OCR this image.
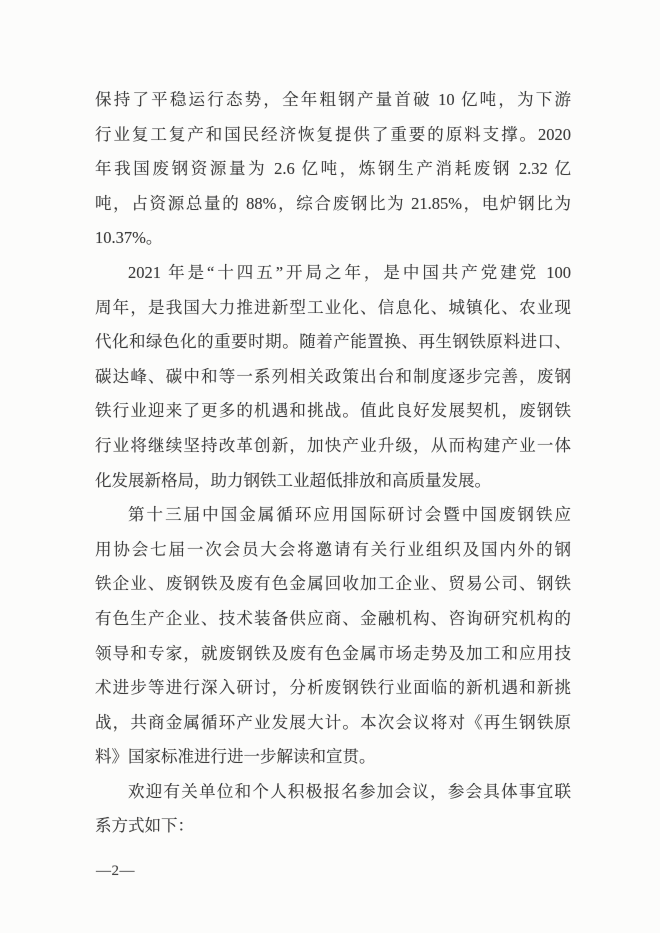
保持了平稳运行态势，全年粗钢产量首破 10 亿吨，为下游
行业复工复产和国民经济恢复提供了重要的原料支撑。2020
年我国废钢资源量为 2.6 亿吨，炼钢生产消耗废钢 2.32 亿
吨，占资源总量的 88%，综合废钢比为 21.85%，电炉钢比为
10.37%。
2021 年是“十四五”开局之年，是中国共产党建党 100
周年，是我国大力推进新型工业化、信息化、城镇化、农业现
代化和绿色化的重要时期。随着产能置换、再生钢铁原料进口、
碳达峰、碳中和等一系列相关政策出台和制度逐步完善，废钢
铁行业迎来了更多的机遇和挑战。值此良好发展契机，废钢铁
行业将继续坚持改革创新，加快产业升级，从而构建产业一体
化发展新格局，助力钢铁工业超低排放和高质量发展。
第十三届中国金属循环应用国际研讨会暨中国废钢铁应
用协会七届一次会员大会将邀请有关行业组织及国内外的钢
铁企业、废钢铁及废有色金属回收加工企业、贸易公司、钢铁
有色生产企业、技术装备供应商、金融机构、咨询研究机构的
领导和专家，就废钢铁及废有色金属市场走势及加工和应用技
术进步等进行深入研讨，分析废钢铁行业面临的新机遇和新挑
战，共商金属循环产业发展大计。本次会议将对《再生钢铁原
料》国家标准进行进一步解读和宣贯。
欢迎有关单位和个人积极报名参加会议，参会具体事宜联
系方式如下：
—2—
